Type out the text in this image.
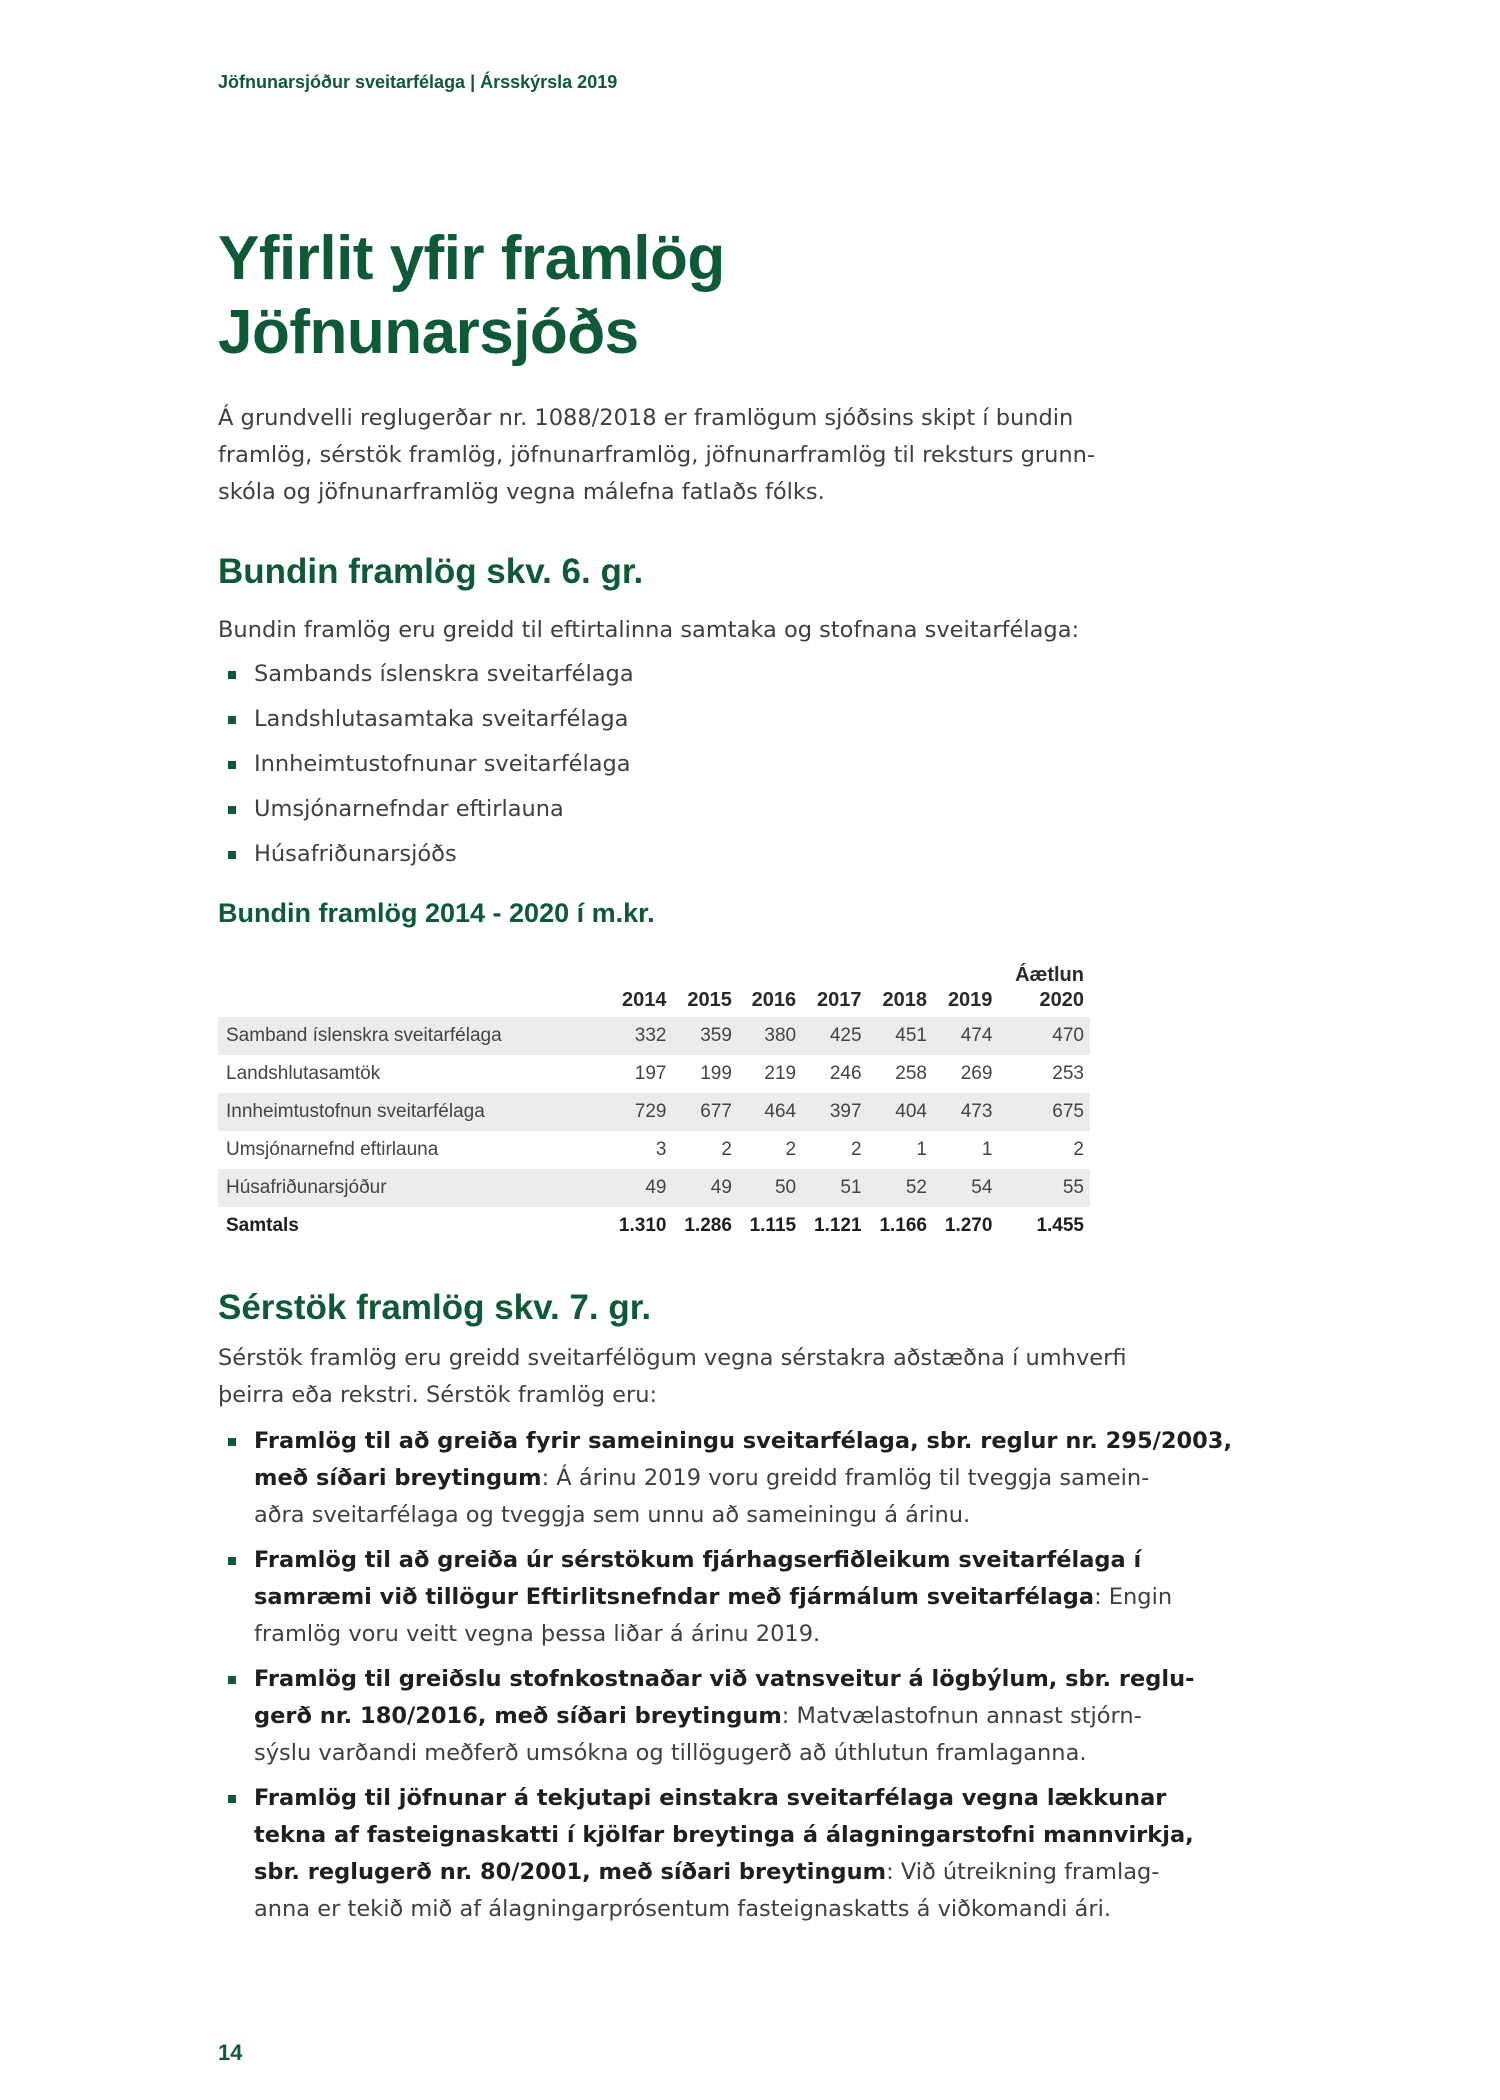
Jöfnunarsjóður sveitarfélaga | Ársskýrsla 2019
Yfirlit yfir framlög
Jöfnunarsjóðs

Á grundvelli reglugerðar nr. 1088/2018 er framlögum sjóðsins skipt í bundin
framlög, sérstök framlög, jöfnunarframlög, jöfnunarframlög til reksturs grunn-
skóla og jöfnunarframlög vegna málefna fatlaðs fólks.

Bundin framlög skv. 6. gr.

Bundin framlög eru greidd til eftirtalinna samtaka og stofnana sveitarfélaga:

Sambands íslenskra sveitarfélaga
Landshlutasamtaka sveitarfélaga
Innheimtustofnunar sveitarfélaga
Umsjónarnefndar eftirlauna
Húsafriðunarsjóðs
Bundin framlög 2014 - 2020 í m.kr.
	2014	2015	2016	2017	2018	2019	Áætlun
2020

Samband íslenskra sveitarfélaga	332	359	380	425	451	474	470
Landshlutasamtök	197	199	219	246	258	269	253
Innheimtustofnun sveitarfélaga	729	677	464	397	404	473	675
Umsjónarnefnd eftirlauna	3	2	2	2	1	1	2
Húsafriðunarsjóður	49	49	50	51	52	54	55
Samtals	1.310	1.286	1.115	1.121	1.166	1.270	1.455
Sérstök framlög skv. 7. gr.

Sérstök framlög eru greidd sveitarfélögum vegna sérstakra aðstæðna í umhverfi
þeirra eða rekstri. Sérstök framlög eru:

Framlög til að greiða fyrir sameiningu sveitarfélaga, sbr. reglur nr. 295/2003,
með síðari breytingum: Á árinu 2019 voru greidd framlög til tveggja samein-
aðra sveitarfélaga og tveggja sem unnu að sameiningu á árinu.
Framlög til að greiða úr sérstökum fjárhagserfiðleikum sveitarfélaga í
samræmi við tillögur Eftirlitsnefndar með fjármálum sveitarfélaga: Engin
framlög voru veitt vegna þessa liðar á árinu 2019.
Framlög til greiðslu stofnkostnaðar við vatnsveitur á lögbýlum, sbr. reglu-
gerð nr. 180/2016, með síðari breytingum: Matvælastofnun annast stjórn-
sýslu varðandi meðferð umsókna og tillögugerð að úthlutun framlaganna.
Framlög til jöfnunar á tekjutapi einstakra sveitarfélaga vegna lækkunar
tekna af fasteignaskatti í kjölfar breytinga á álagningarstofni mannvirkja,
sbr. reglugerð nr. 80/2001, með síðari breytingum: Við útreikning framlag-
anna er tekið mið af álagningarprósentum fasteignaskatts á viðkomandi ári.
14
